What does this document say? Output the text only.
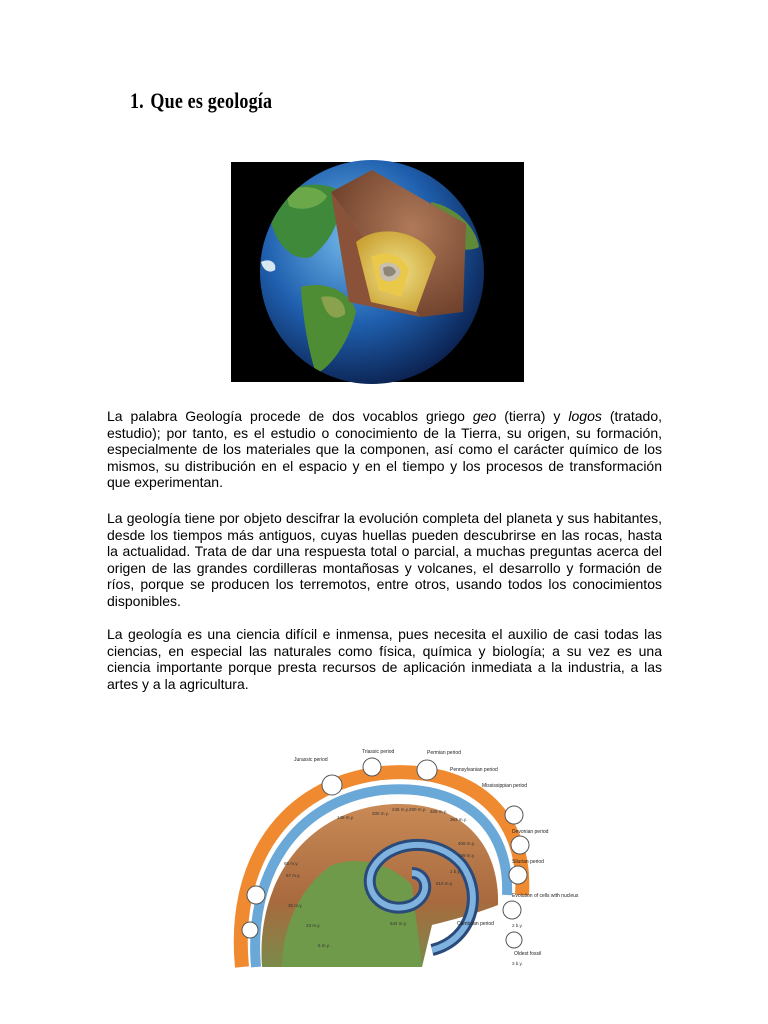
1. Que es geología

La palabra Geología procede de dos vocablos griego geo (tierra) y logos (tratado, estudio); por tanto, es el estudio o conocimiento de la Tierra, su origen, su formación, especialmente de los materiales que la componen, así como el carácter químico de los mismos, su distribución en el espacio y en el tiempo y los procesos de transformación que experimentan.

La geología tiene por objeto descifrar la evolución completa del planeta y sus habitantes, desde los tiempos más antiguos, cuyas huellas pueden descubrirse en las rocas, hasta la actualidad. Trata de dar una respuesta total o parcial, a muchas preguntas acerca del origen de las grandes cordilleras montañosas y volcanes, el desarrollo y formación de ríos, porque se producen los terremotos, entre otros, usando todos los conocimientos disponibles.

La geología es una ciencia difícil e inmensa, pues necesita el auxilio de casi todas las ciencias, en especial las naturales como física, química y biología; a su vez es una ciencia importante porque presta recursos de aplicación inmediata a la industria, a las artes y a la agricultura.

Triassic period	Permian period
Jurassic period
Pennsylvanian period
Mississippian period
Devonian period
Silurian period
Cambrian period
Evolution of cells with nucleus
Oldest fossil
146 m.y.
200 m.y.
245 m.y. 290 m.y. 325 m.y.
363 m.y.
409 m.y.
439 m.y.
65 m.y.
57 m.y.
35 m.y.
23 m.y.
5 m.y.
544 m.y.
510 m.y.
1 b.y.
2 b.y.
3 b.y.
